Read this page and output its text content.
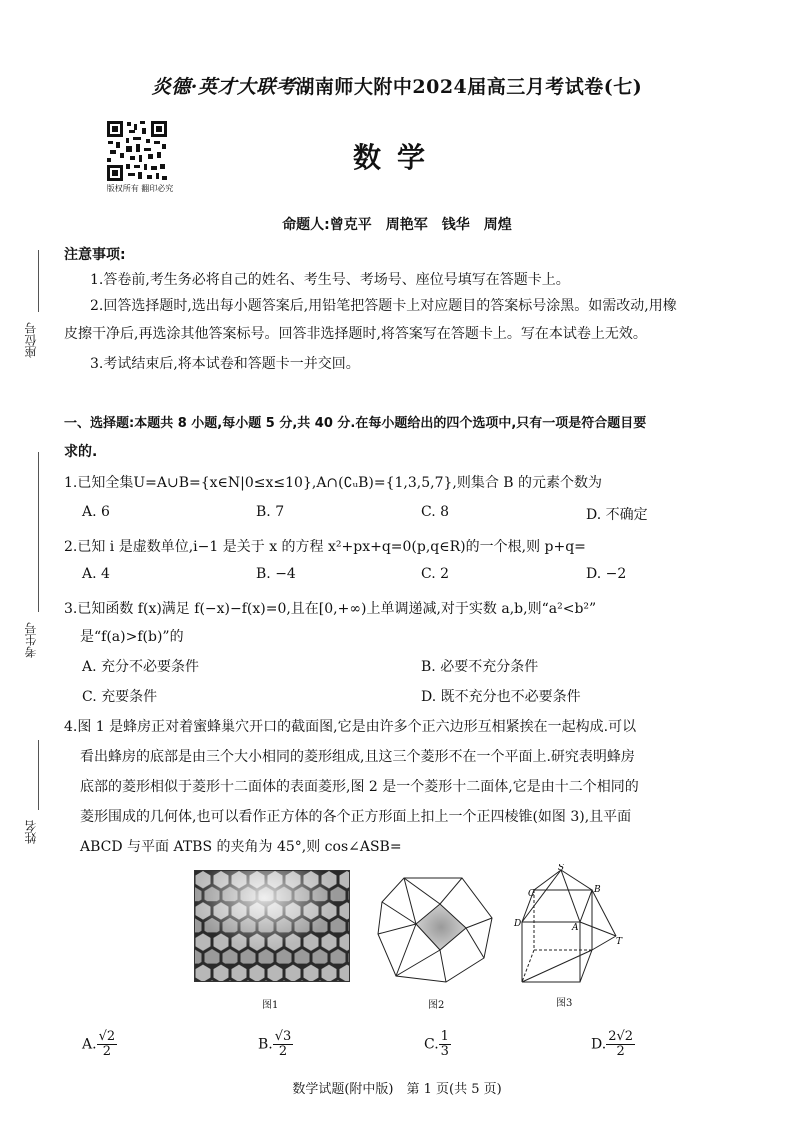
炎德·英才大联考湖南师大附中2024届高三月考试卷(七)
版权所有 翻印必究
数学
命题人:曾克平　周艳军　钱华　周煌
座位号
考生号
姓名
注意事项:
1.答卷前,考生务必将自己的姓名、考生号、考场号、座位号填写在答题卡上。
2.回答选择题时,选出每小题答案后,用铅笔把答题卡上对应题目的答案标号涂黑。如需改动,用橡
皮擦干净后,再选涂其他答案标号。回答非选择题时,将答案写在答题卡上。写在本试卷上无效。
3.考试结束后,将本试卷和答题卡一并交回。
一、选择题:本题共 8 小题,每小题 5 分,共 40 分.在每小题给出的四个选项中,只有一项是符合题目要
求的.
1.已知全集U=A∪B={x∈N|0≤x≤10},A∩(∁ᵤB)={1,3,5,7},则集合 B 的元素个数为
A. 6	B. 7	C. 8	D. 不确定
2.已知 i 是虚数单位,i−1 是关于 x 的方程 x²+px+q=0(p,q∈R)的一个根,则 p+q=
A. 4	B. −4	C. 2	D. −2
3.已知函数 f(x)满足 f(−x)−f(x)=0,且在[0,+∞)上单调递减,对于实数 a,b,则“a²<b²”
是“f(a)>f(b)”的
A. 充分不必要条件	B. 必要不充分条件
C. 充要条件	D. 既不充分也不必要条件
4.图 1 是蜂房正对着蜜蜂巢穴开口的截面图,它是由许多个正六边形互相紧挨在一起构成.可以
看出蜂房的底部是由三个大小相同的菱形组成,且这三个菱形不在一个平面上.研究表明蜂房
底部的菱形相似于菱形十二面体的表面菱形,图 2 是一个菱形十二面体,它是由十二个相同的
菱形围成的几何体,也可以看作正方体的各个正方形面上扣上一个正四棱锥(如图 3),且平面
ABCD 与平面 ATBS 的夹角为 45°,则 cos∠ASB=
图1	图2
S
B
C
D	A
T
图3
A. $\frac{√2}{2}$	B. $\frac{√3}{2}$	C. $\frac{1}{3}$	D. $\frac{2√2}{2}$
数学试题(附中版)　第 1 页(共 5 页)
